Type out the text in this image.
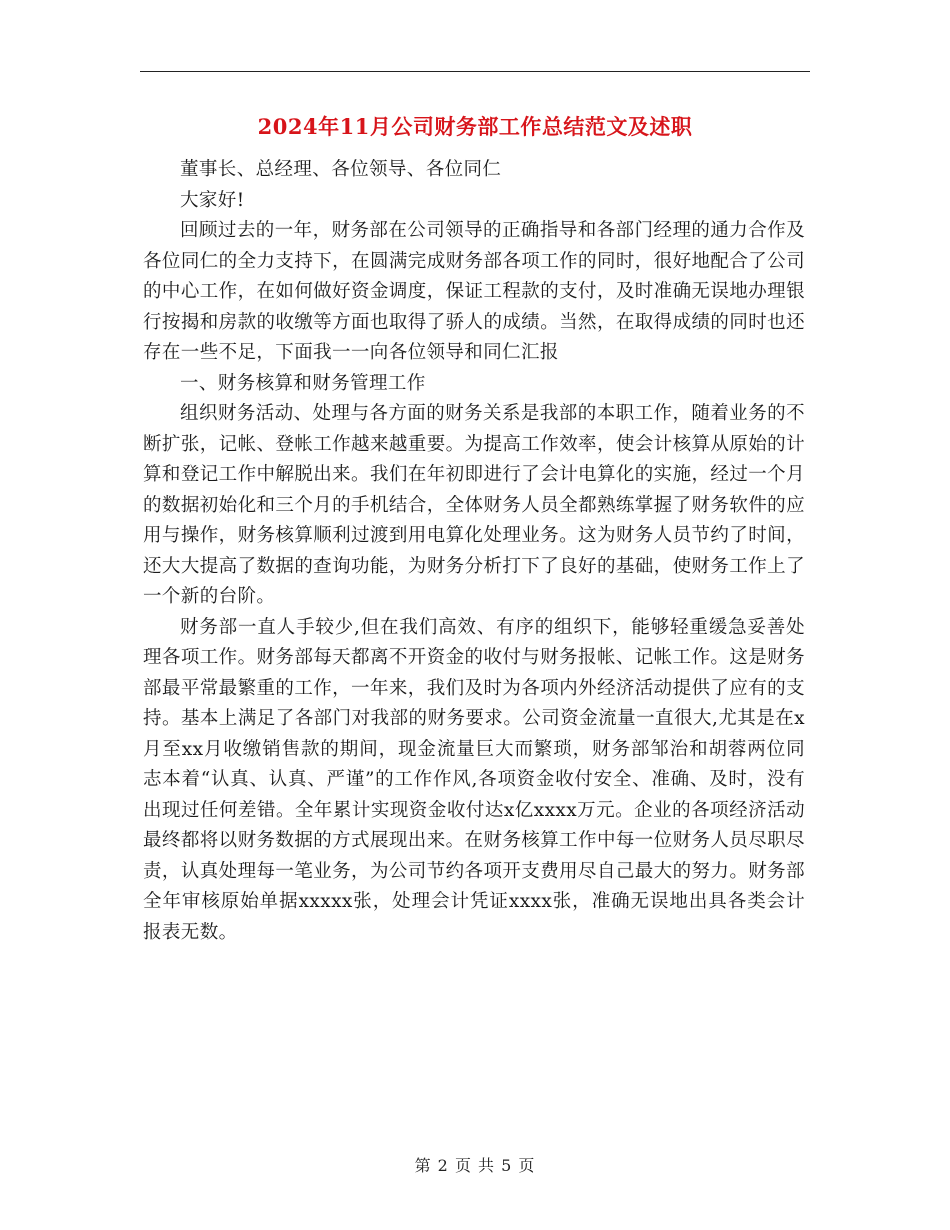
2024年11月公司财务部工作总结范文及述职

董事长、总经理、各位领导、各位同仁

大家好!

回顾过去的一年，财务部在公司领导的正确指导和各部门经理的通力合作及各位同仁的全力支持下，在圆满完成财务部各项工作的同时，很好地配合了公司的中心工作，在如何做好资金调度，保证工程款的支付，及时准确无误地办理银行按揭和房款的收缴等方面也取得了骄人的成绩。当然，在取得成绩的同时也还存在一些不足，下面我一一向各位领导和同仁汇报

一、财务核算和财务管理工作

组织财务活动、处理与各方面的财务关系是我部的本职工作，随着业务的不断扩张，记帐、登帐工作越来越重要。为提高工作效率，使会计核算从原始的计算和登记工作中解脱出来。我们在年初即进行了会计电算化的实施，经过一个月的数据初始化和三个月的手机结合，全体财务人员全都熟练掌握了财务软件的应用与操作，财务核算顺利过渡到用电算化处理业务。这为财务人员节约了时间，还大大提高了数据的查询功能，为财务分析打下了良好的基础，使财务工作上了一个新的台阶。

财务部一直人手较少,但在我们高效、有序的组织下，能够轻重缓急妥善处理各项工作。财务部每天都离不开资金的收付与财务报帐、记帐工作。这是财务部最平常最繁重的工作，一年来，我们及时为各项内外经济活动提供了应有的支持。基本上满足了各部门对我部的财务要求。公司资金流量一直很大,尤其是在x月至xx月收缴销售款的期间，现金流量巨大而繁琐，财务部邹治和胡蓉两位同志本着“认真、认真、严谨”的工作作风,各项资金收付安全、准确、及时，没有出现过任何差错。全年累计实现资金收付达x亿xxxx万元。企业的各项经济活动最终都将以财务数据的方式展现出来。在财务核算工作中每一位财务人员尽职尽责，认真处理每一笔业务，为公司节约各项开支费用尽自己最大的努力。财务部全年审核原始单据xxxxx张，处理会计凭证xxxx张，准确无误地出具各类会计报表无数。

第 2 页 共 5 页
